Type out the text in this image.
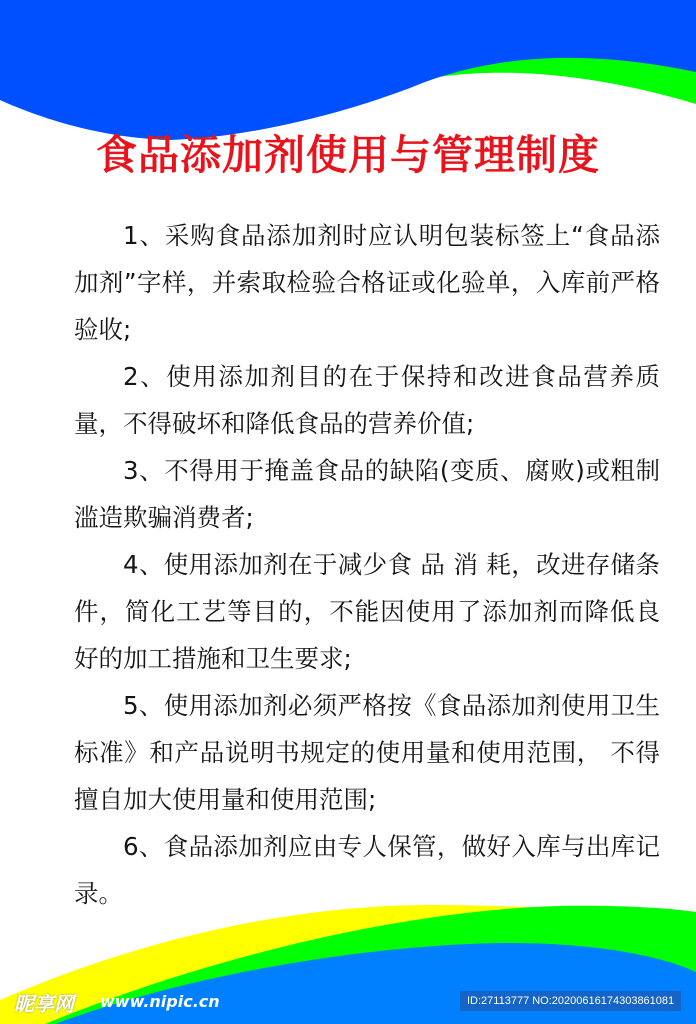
食品添加剂使用与管理制度

1、采购食品添加剂时应认明包装标签上“食品添加剂”字样，并索取检验合格证或化验单，入库前严格验收;

2、使用添加剂目的在于保持和改进食品营养质量，不得破坏和降低食品的营养价值;

3、不得用于掩盖食品的缺陷(变质、腐败)或粗制滥造欺骗消费者;

4、使用添加剂在于减少食 品 消 耗，改进存储条件，简化工艺等目的，不能因使用了添加剂而降低良好的加工措施和卫生要求;

5、使用添加剂必须严格按《食品添加剂使用卫生标准》和产品说明书规定的使用量和使用范围， 不得擅自加大使用量和使用范围;

6、食品添加剂应由专人保管，做好入库与出库记录。

昵享网 www.nipic.cn	ID:27113777 NO:20200616174303861081
